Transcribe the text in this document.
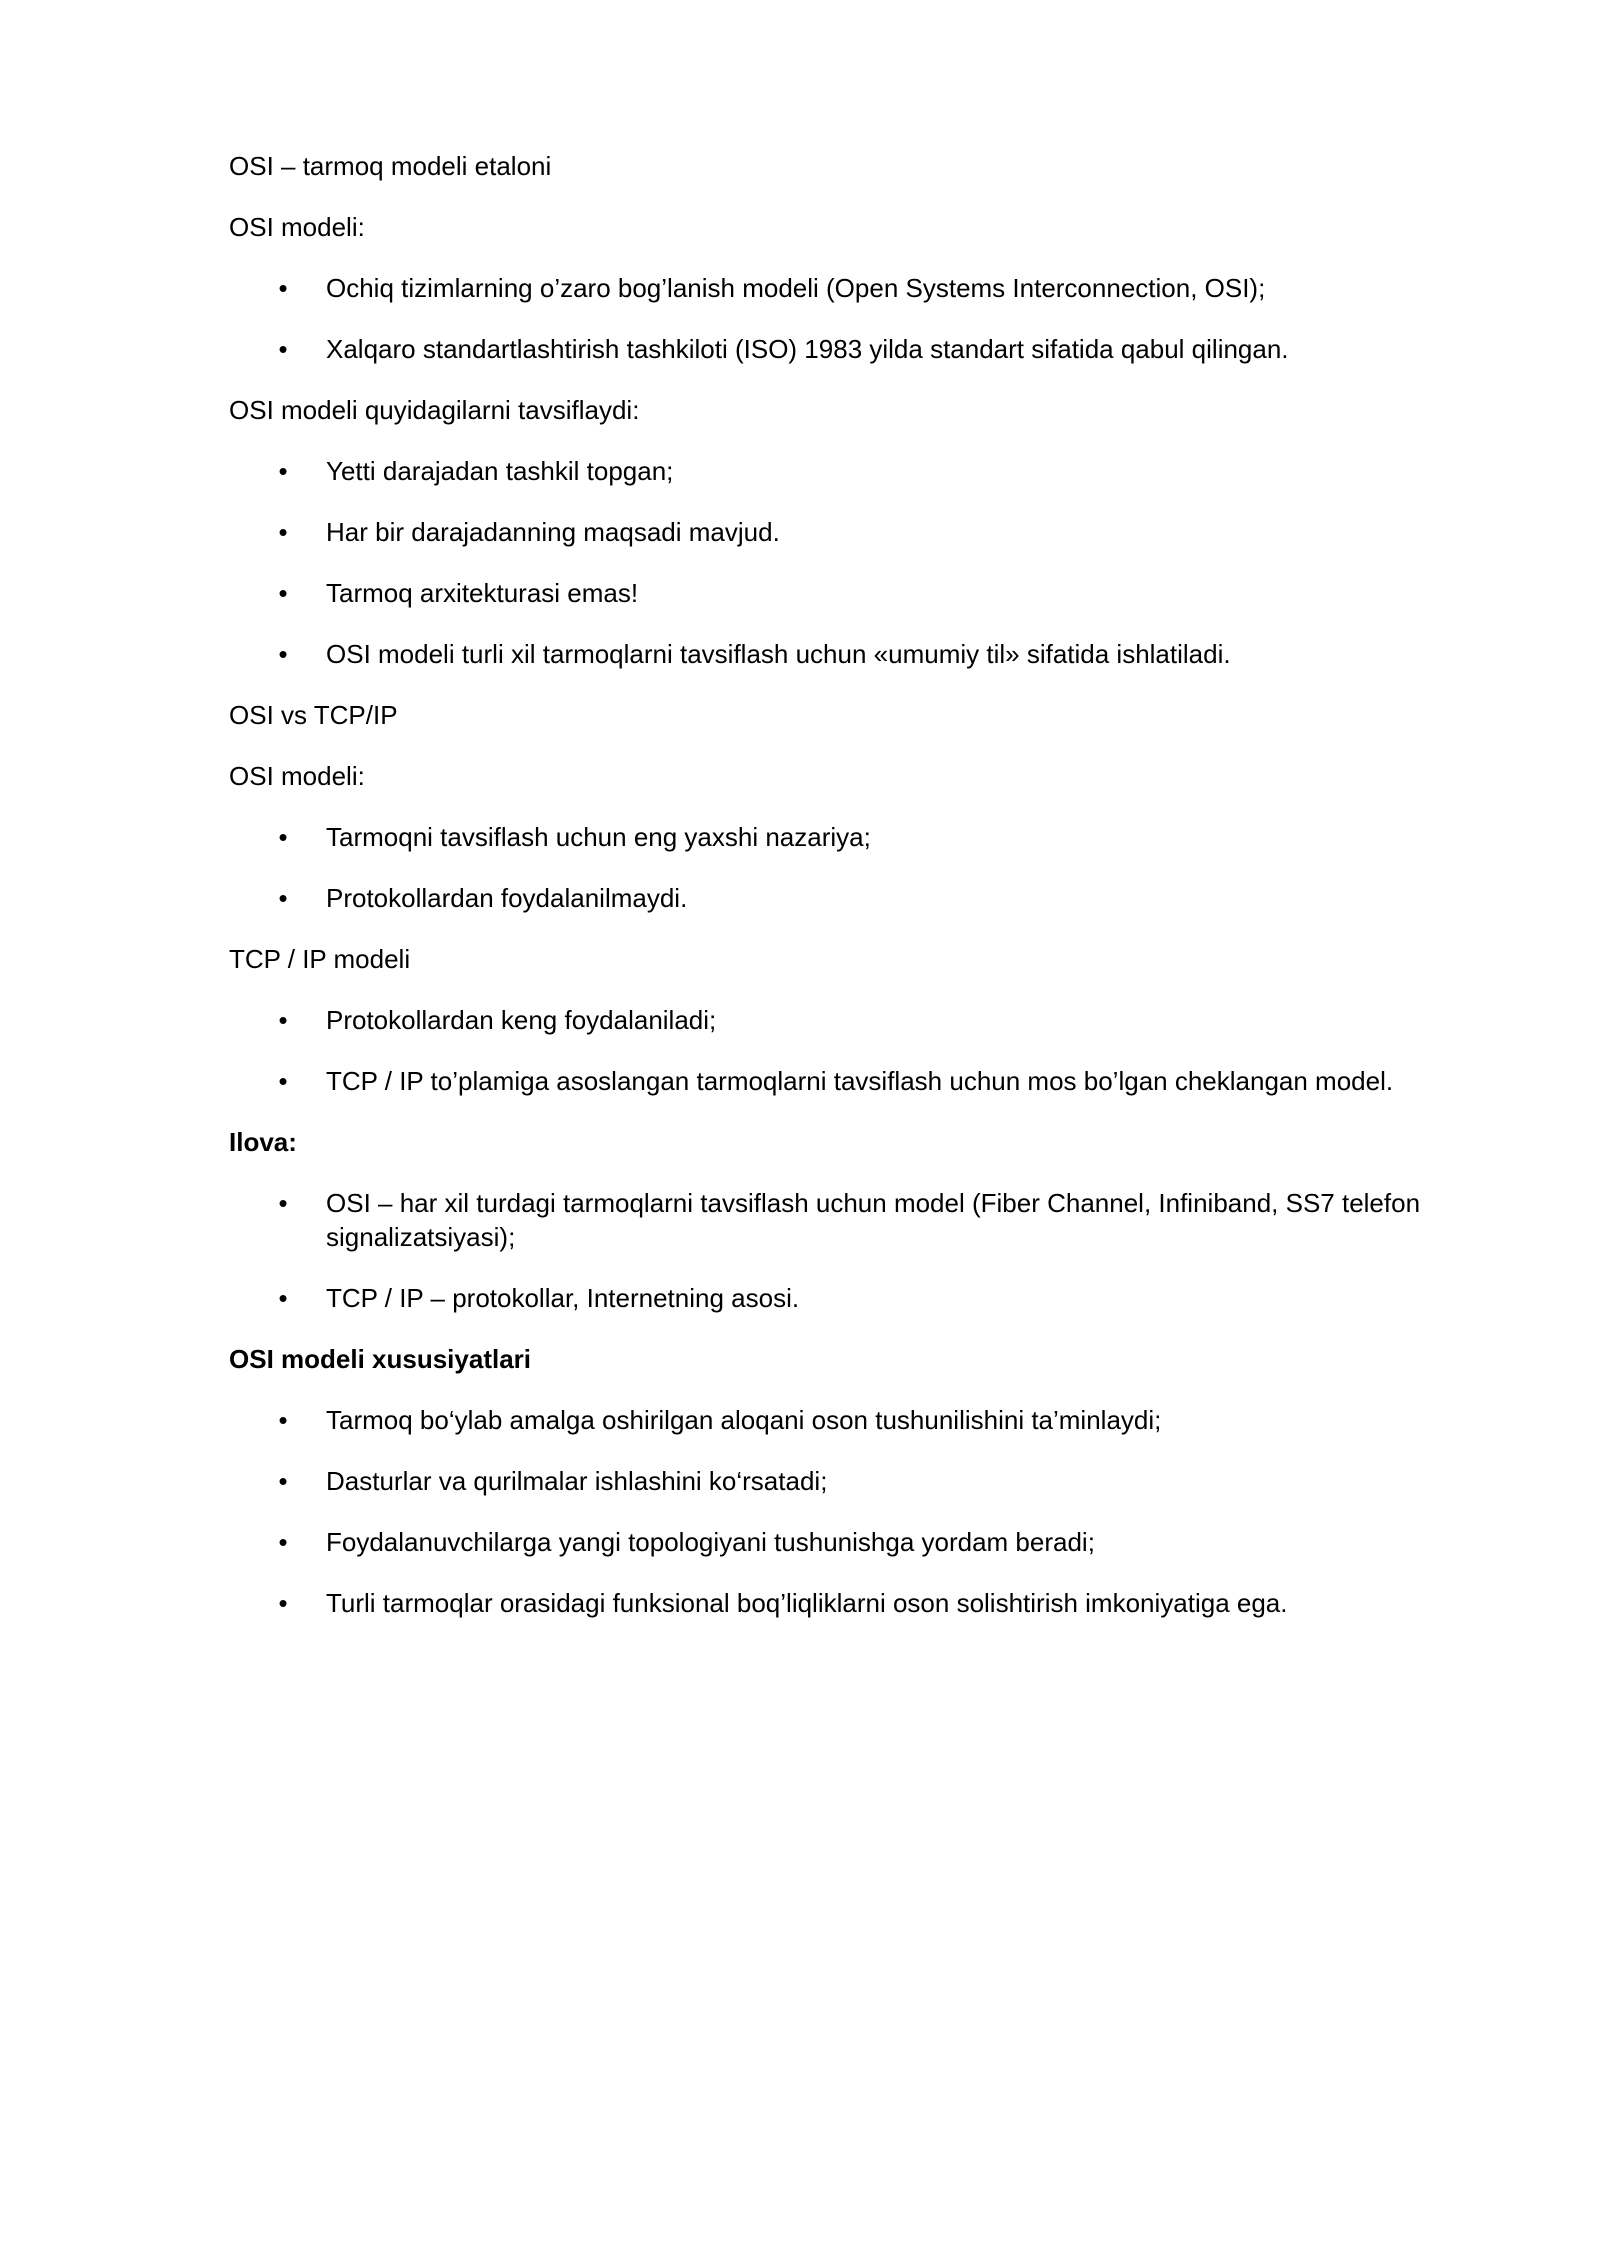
OSI – tarmoq modeli etaloni

OSI modeli:

• Ochiq tizimlarning o’zaro bog’lanish modeli (Open Systems Interconnection, OSI);
• Xalqaro standartlashtirish tashkiloti (ISO) 1983 yilda standart sifatida qabul qilingan.

OSI modeli quyidagilarni tavsiflaydi:

• Yetti darajadan tashkil topgan;
• Har bir darajadanning maqsadi mavjud.
• Tarmoq arxitekturasi emas!
• OSI modeli turli xil tarmoqlarni tavsiflash uchun «umumiy til» sifatida ishlatiladi.

OSI vs TCP/IP

OSI modeli:

• Tarmoqni tavsiflash uchun eng yaxshi nazariya;
• Protokollardan foydalanilmaydi.

TCP / IP modeli

• Protokollardan keng foydalaniladi;
• TCP / IP to’plamiga asoslangan tarmoqlarni tavsiflash uchun mos bo’lgan cheklangan model.

Ilova:

• OSI – har xil turdagi tarmoqlarni tavsiflash uchun model (Fiber Channel, Infiniband, SS7 telefon signalizatsiyasi);
• TCP / IP – protokollar, Internetning asosi.

OSI modeli xususiyatlari

• Tarmoq bo‘ylab amalga oshirilgan aloqani oson tushunilishini ta’minlaydi;
• Dasturlar va qurilmalar ishlashini ko‘rsatadi;
• Foydalanuvchilarga yangi topologiyani tushunishga yordam beradi;
• Turli tarmoqlar orasidagi funksional boq’liqliklarni oson solishtirish imkoniyatiga ega.
